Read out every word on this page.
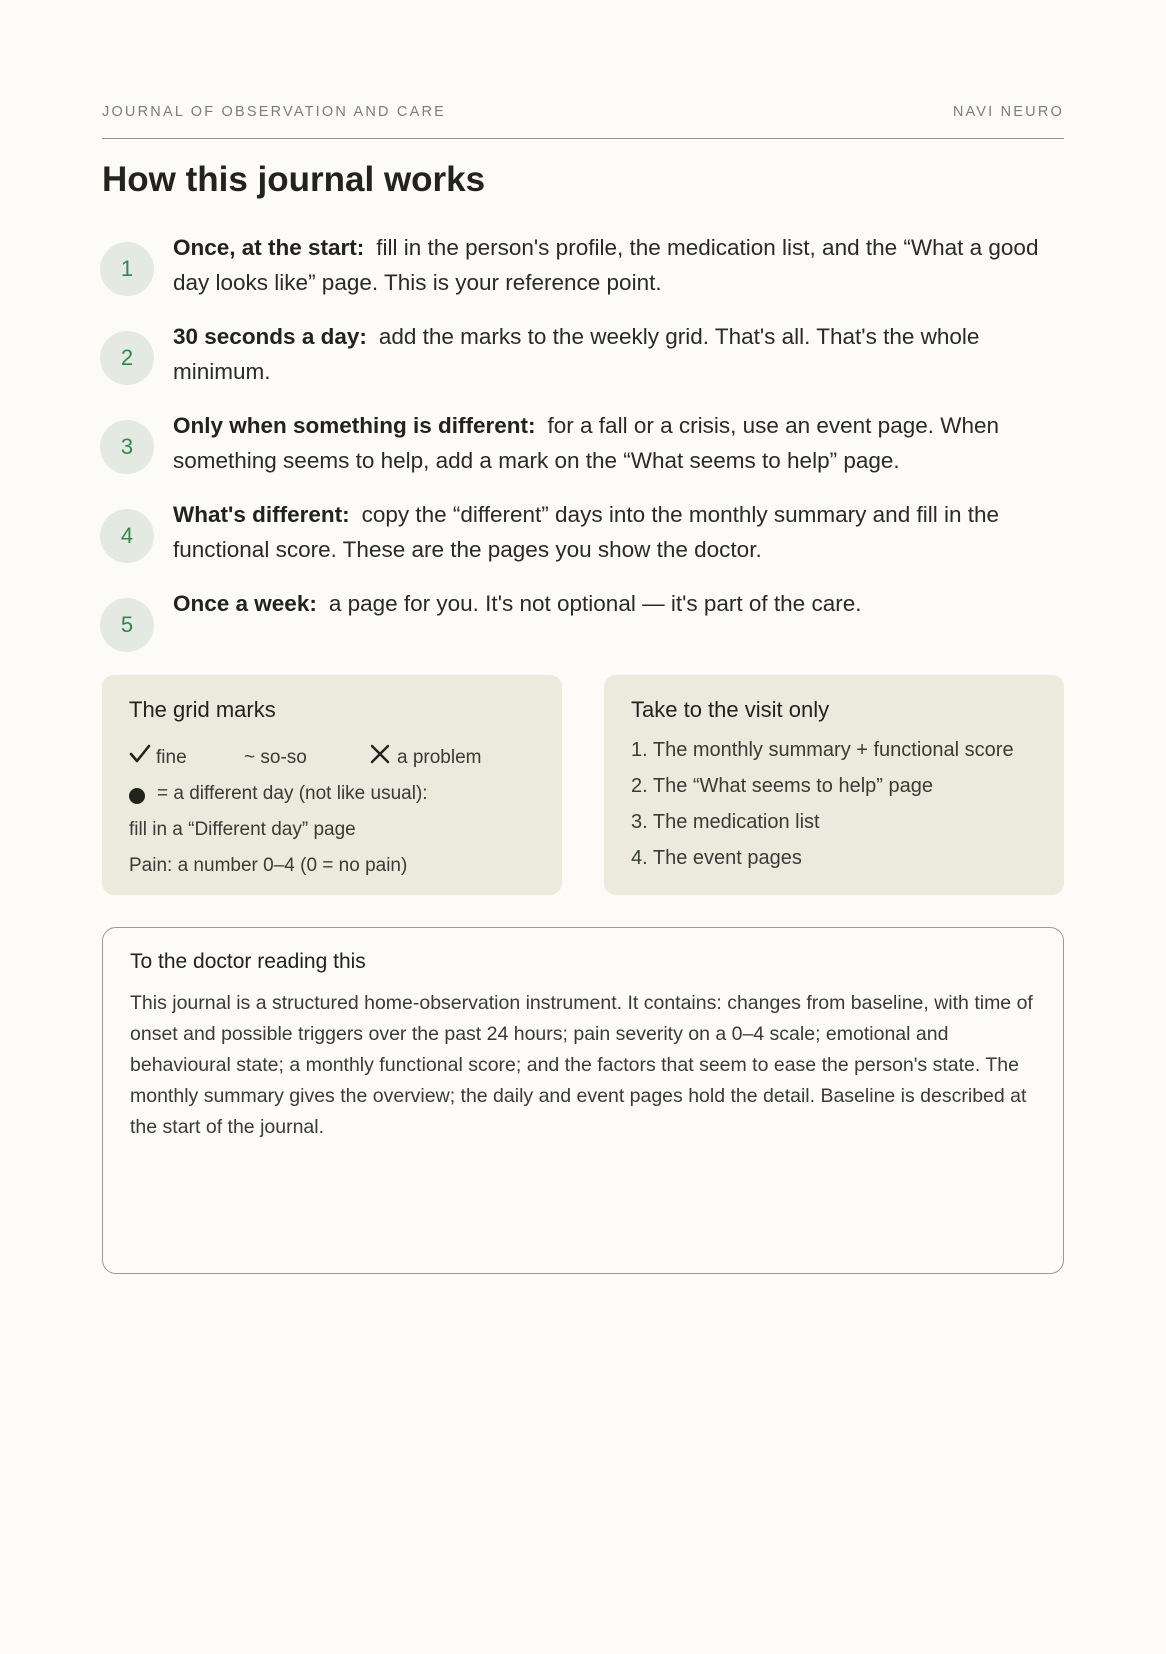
JOURNAL OF OBSERVATION AND CARE	NAVI NEURO
How this journal works
1
Once, at the start: fill in the person's profile, the medication list, and the “What a good day looks like” page. This is your reference point.
2
30 seconds a day: add the marks to the weekly grid. That's all. That's the whole minimum.
3
Only when something is different: for a fall or a crisis, use an event page. When something seems to help, add a mark on the “What seems to help” page.
4
What's different: copy the “different” days into the monthly summary and fill in the functional score. These are the pages you show the doctor.
5
Once a week: a page for you. It's not optional — it's part of the care.
The grid marks
fine	~ so-so	a problem
= a different day (not like usual):
fill in a “Different day” page
Pain: a number 0–4 (0 = no pain)
Take to the visit only
1. The monthly summary + functional score
2. The “What seems to help” page
3. The medication list
4. The event pages
To the doctor reading this

This journal is a structured home-observation instrument. It contains: changes from baseline, with time of onset and possible triggers over the past 24 hours; pain severity on a 0–4 scale; emotional and behavioural state; a monthly functional score; and the factors that seem to ease the person's state. The monthly summary gives the overview; the daily and event pages hold the detail. Baseline is described at the start of the journal.
